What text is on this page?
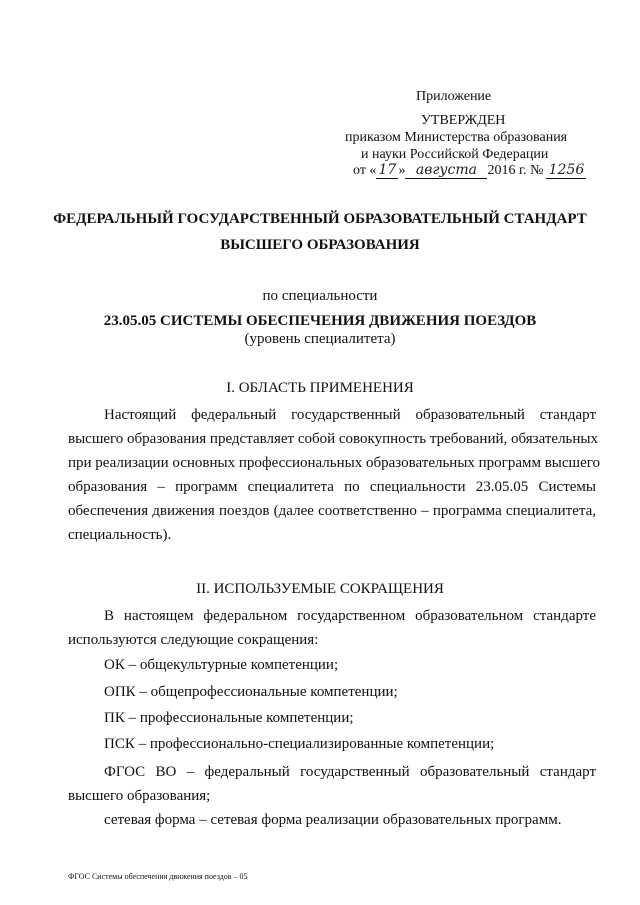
Приложение
УТВЕРЖДЕН
приказом Министерства образования
и науки Российской Федерации
от « 17 » августа 2016 г. № 1256
ФЕДЕРАЛЬНЫЙ ГОСУДАРСТВЕННЫЙ ОБРАЗОВАТЕЛЬНЫЙ СТАНДАРТ
ВЫСШЕГО ОБРАЗОВАНИЯ
по специальности
23.05.05 СИСТЕМЫ ОБЕСПЕЧЕНИЯ ДВИЖЕНИЯ ПОЕЗДОВ
(уровень специалитета)
I. ОБЛАСТЬ ПРИМЕНЕНИЯ
Настоящий федеральный государственный образовательный стандарт
высшего образования представляет собой совокупность требований, обязательных
при реализации основных профессиональных образовательных программ высшего
образования – программ специалитета по специальности 23.05.05 Системы
обеспечения движения поездов (далее соответственно – программа специалитета,
специальность).
II. ИСПОЛЬЗУЕМЫЕ СОКРАЩЕНИЯ
В настоящем федеральном государственном образовательном стандарте
используются следующие сокращения:
ОК – общекультурные компетенции;
ОПК – общепрофессиональные компетенции;
ПК – профессиональные компетенции;
ПСК – профессионально-специализированные компетенции;
ФГОС ВО – федеральный государственный образовательный стандарт
высшего образования;
сетевая форма – сетевая форма реализации образовательных программ.
ФГОС Системы обеспечения движения поездов – 05
